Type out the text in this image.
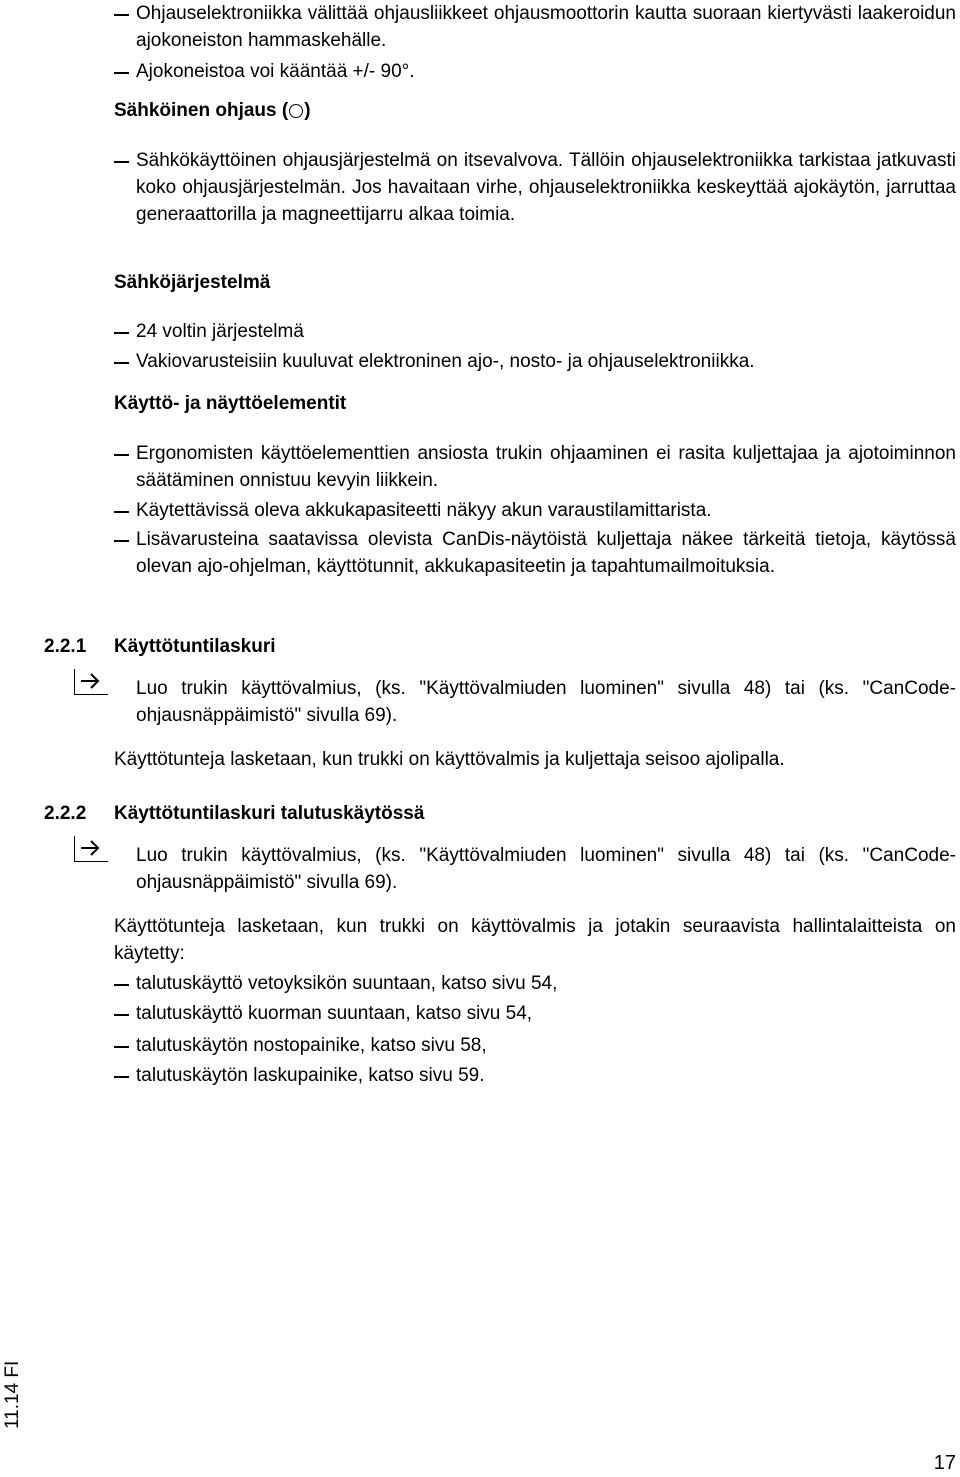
Ohjauselektroniikka välittää ohjausliikkeet ohjausmoottorin kautta suoraan kiertyvästi laakeroidun ajokoneiston hammaskehälle.
Ajokoneistoa voi kääntää +/- 90°.
Sähköinen ohjaus ( )
Sähkökäyttöinen ohjausjärjestelmä on itsevalvova. Tällöin ohjauselektroniikka tarkistaa jatkuvasti koko ohjausjärjestelmän. Jos havaitaan virhe, ohjauselektroniikka keskeyttää ajokäytön, jarruttaa generaattorilla ja magneettijarru alkaa toimia.
Sähköjärjestelmä
24 voltin järjestelmä
Vakiovarusteisiin kuuluvat elektroninen ajo-, nosto- ja ohjauselektroniikka.
Käyttö- ja näyttöelementit
Ergonomisten käyttöelementtien ansiosta trukin ohjaaminen ei rasita kuljettajaa ja ajotoiminnon säätäminen onnistuu kevyin liikkein.
Käytettävissä oleva akkukapasiteetti näkyy akun varaustilamittarista.
Lisävarusteina saatavissa olevista CanDis-näytöistä kuljettaja näkee tärkeitä tietoja, käytössä olevan ajo-ohjelman, käyttötunnit, akkukapasiteetin ja tapahtumailmoituksia.
2.2.1 Käyttötuntilaskuri
Luo trukin käyttövalmius, (ks. "Käyttövalmiuden luominen" sivulla 48) tai (ks. "CanCode-ohjausnäppäimistö" sivulla 69).
Käyttötunteja lasketaan, kun trukki on käyttövalmis ja kuljettaja seisoo ajolipalla.
2.2.2 Käyttötuntilaskuri talutuskäytössä
Luo trukin käyttövalmius, (ks. "Käyttövalmiuden luominen" sivulla 48) tai (ks. "CanCode-ohjausnäppäimistö" sivulla 69).
Käyttötunteja lasketaan, kun trukki on käyttövalmis ja jotakin seuraavista hallintalaitteista on käytetty:
talutuskäyttö vetoyksikön suuntaan, katso sivu 54,
talutuskäyttö kuorman suuntaan, katso sivu 54,
talutuskäytön nostopainike, katso sivu 58,
talutuskäytön laskupainike, katso sivu 59.
11.14 FI
17
